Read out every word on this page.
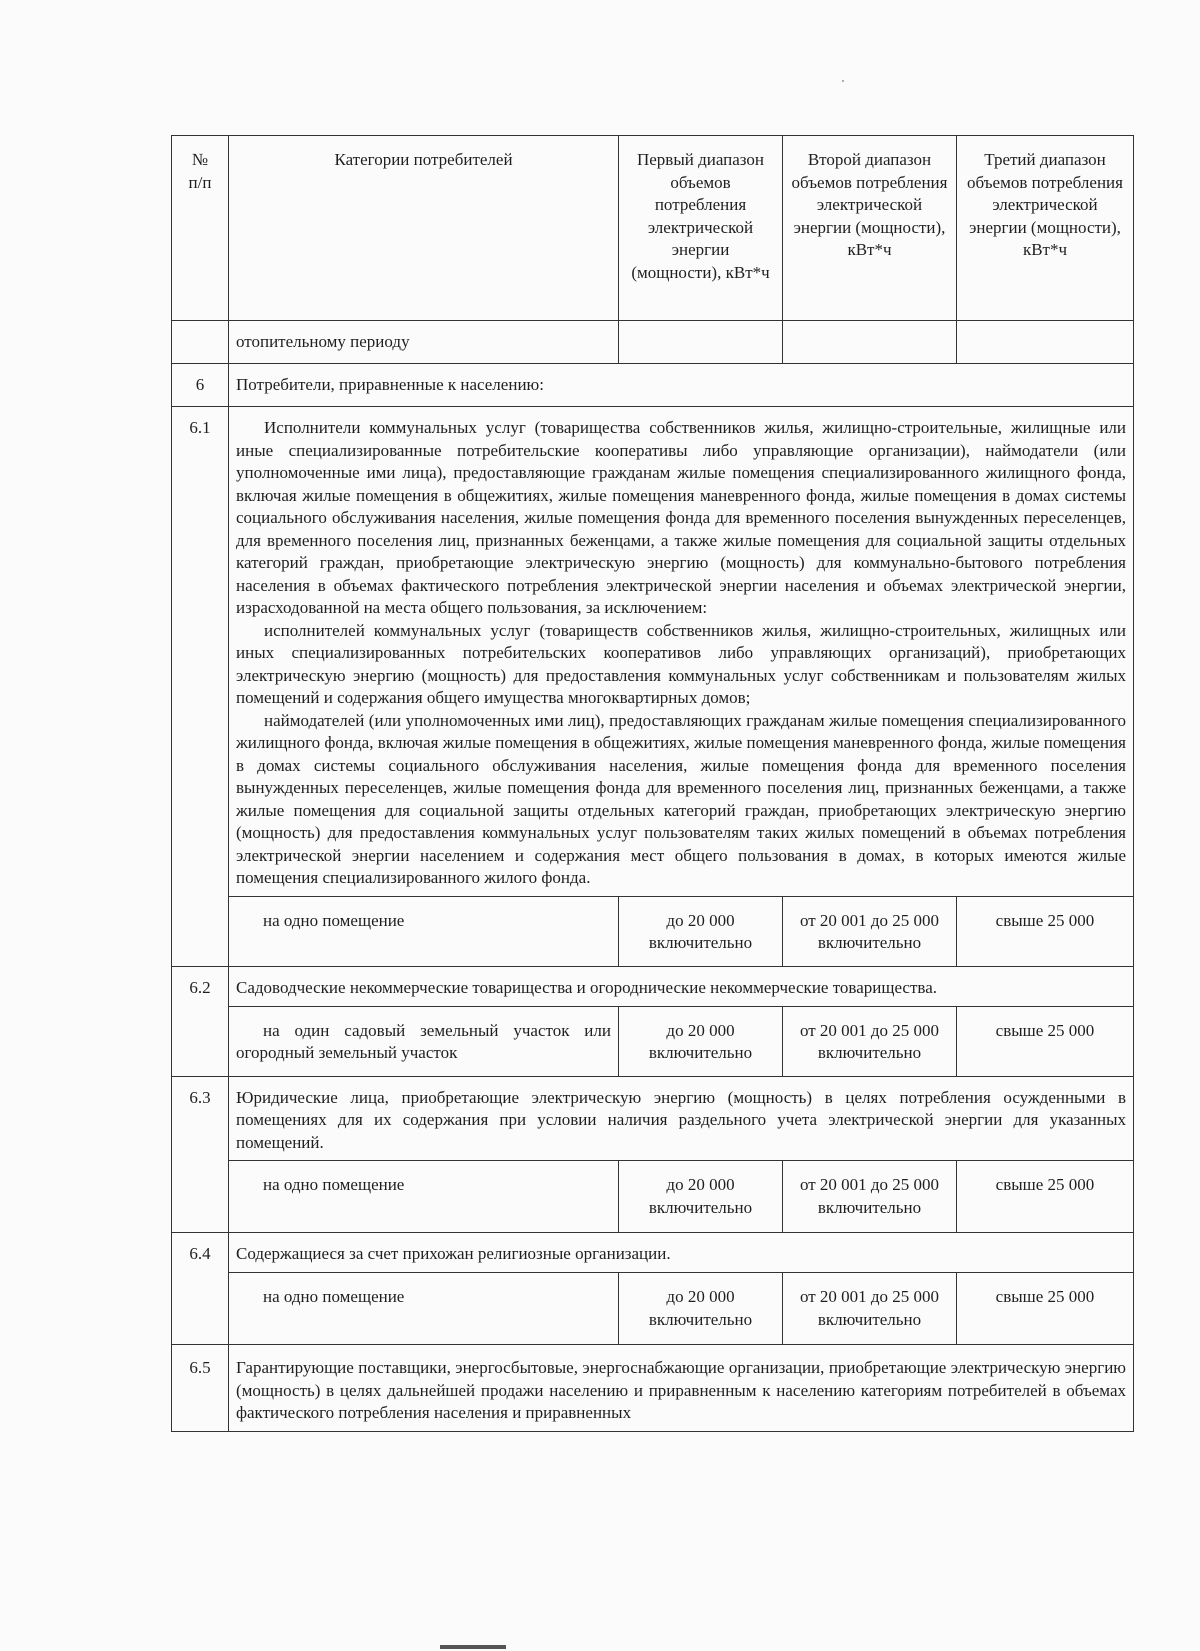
№
п/п	Категории потребителей	Первый диапазон объемов потребления электрической энергии (мощности), кВт*ч	Второй диапазон объемов потребления электрической энергии (мощности), кВт*ч	Третий диапазон объемов потребления электрической энергии (мощности), кВт*ч
	отопительному периоду			
6	Потребители, приравненные к населению:			
6.1	Исполнители коммунальных услуг (товарищества собственников жилья, жилищно-строительные, жилищные или иные специализированные потребительские кооперативы либо управляющие организации), наймодатели (или уполномоченные ими лица), предоставляющие гражданам жилые помещения специализированного жилищного фонда, включая жилые помещения в общежитиях, жилые помещения маневренного фонда, жилые помещения в домах системы социального обслуживания населения, жилые помещения фонда для временного поселения вынужденных переселенцев, для временного поселения лиц, признанных беженцами, а также жилые помещения для социальной защиты отдельных категорий граждан, приобретающие электрическую энергию (мощность) для коммунально-бытового потребления населения в объемах фактического потребления электрической энергии населения и объемах электрической энергии, израсходованной на места общего пользования, за исключением:

исполнителей коммунальных услуг (товариществ собственников жилья, жилищно-строительных, жилищных или иных специализированных потребительских кооперативов либо управляющих организаций), приобретающих электрическую энергию (мощность) для предоставления коммунальных услуг собственникам и пользователям жилых помещений и содержания общего имущества многоквартирных домов;

наймодателей (или уполномоченных ими лиц), предоставляющих гражданам жилые помещения специализированного жилищного фонда, включая жилые помещения в общежитиях, жилые помещения маневренного фонда, жилые помещения в домах системы социального обслуживания населения, жилые помещения фонда для временного поселения вынужденных переселенцев, жилые помещения фонда для временного поселения лиц, признанных беженцами, а также жилые помещения для социальной защиты отдельных категорий граждан, приобретающих электрическую энергию (мощность) для предоставления коммунальных услуг пользователям таких жилых помещений в объемах потребления электрической энергии населением и содержания мест общего пользования в домах, в которых имеются жилые помещения специализированного жилого фонда.			

	на одно помещение	до 20 000 включительно	от 20 001 до 25 000 включительно	свыше 25 000
6.2	Садоводческие некоммерческие товарищества и огороднические некоммерческие товарищества.			
	на один садовый земельный участок или огородный земельный участок	до 20 000 включительно	от 20 001 до 25 000 включительно	свыше 25 000
6.3	Юридические лица, приобретающие электрическую энергию (мощность) в целях потребления осужденными в помещениях для их содержания при условии наличия раздельного учета электрической энергии для указанных помещений.			
	на одно помещение	до 20 000 включительно	от 20 001 до 25 000 включительно	свыше 25 000
6.4	Содержащиеся за счет прихожан религиозные организации.			
	на одно помещение	до 20 000 включительно	от 20 001 до 25 000 включительно	свыше 25 000
6.5	Гарантирующие поставщики, энергосбытовые, энергоснабжающие организации, приобретающие электрическую энергию (мощность) в целях дальнейшей продажи населению и приравненным к населению категориям потребителей в объемах фактического потребления населения и приравненных			
